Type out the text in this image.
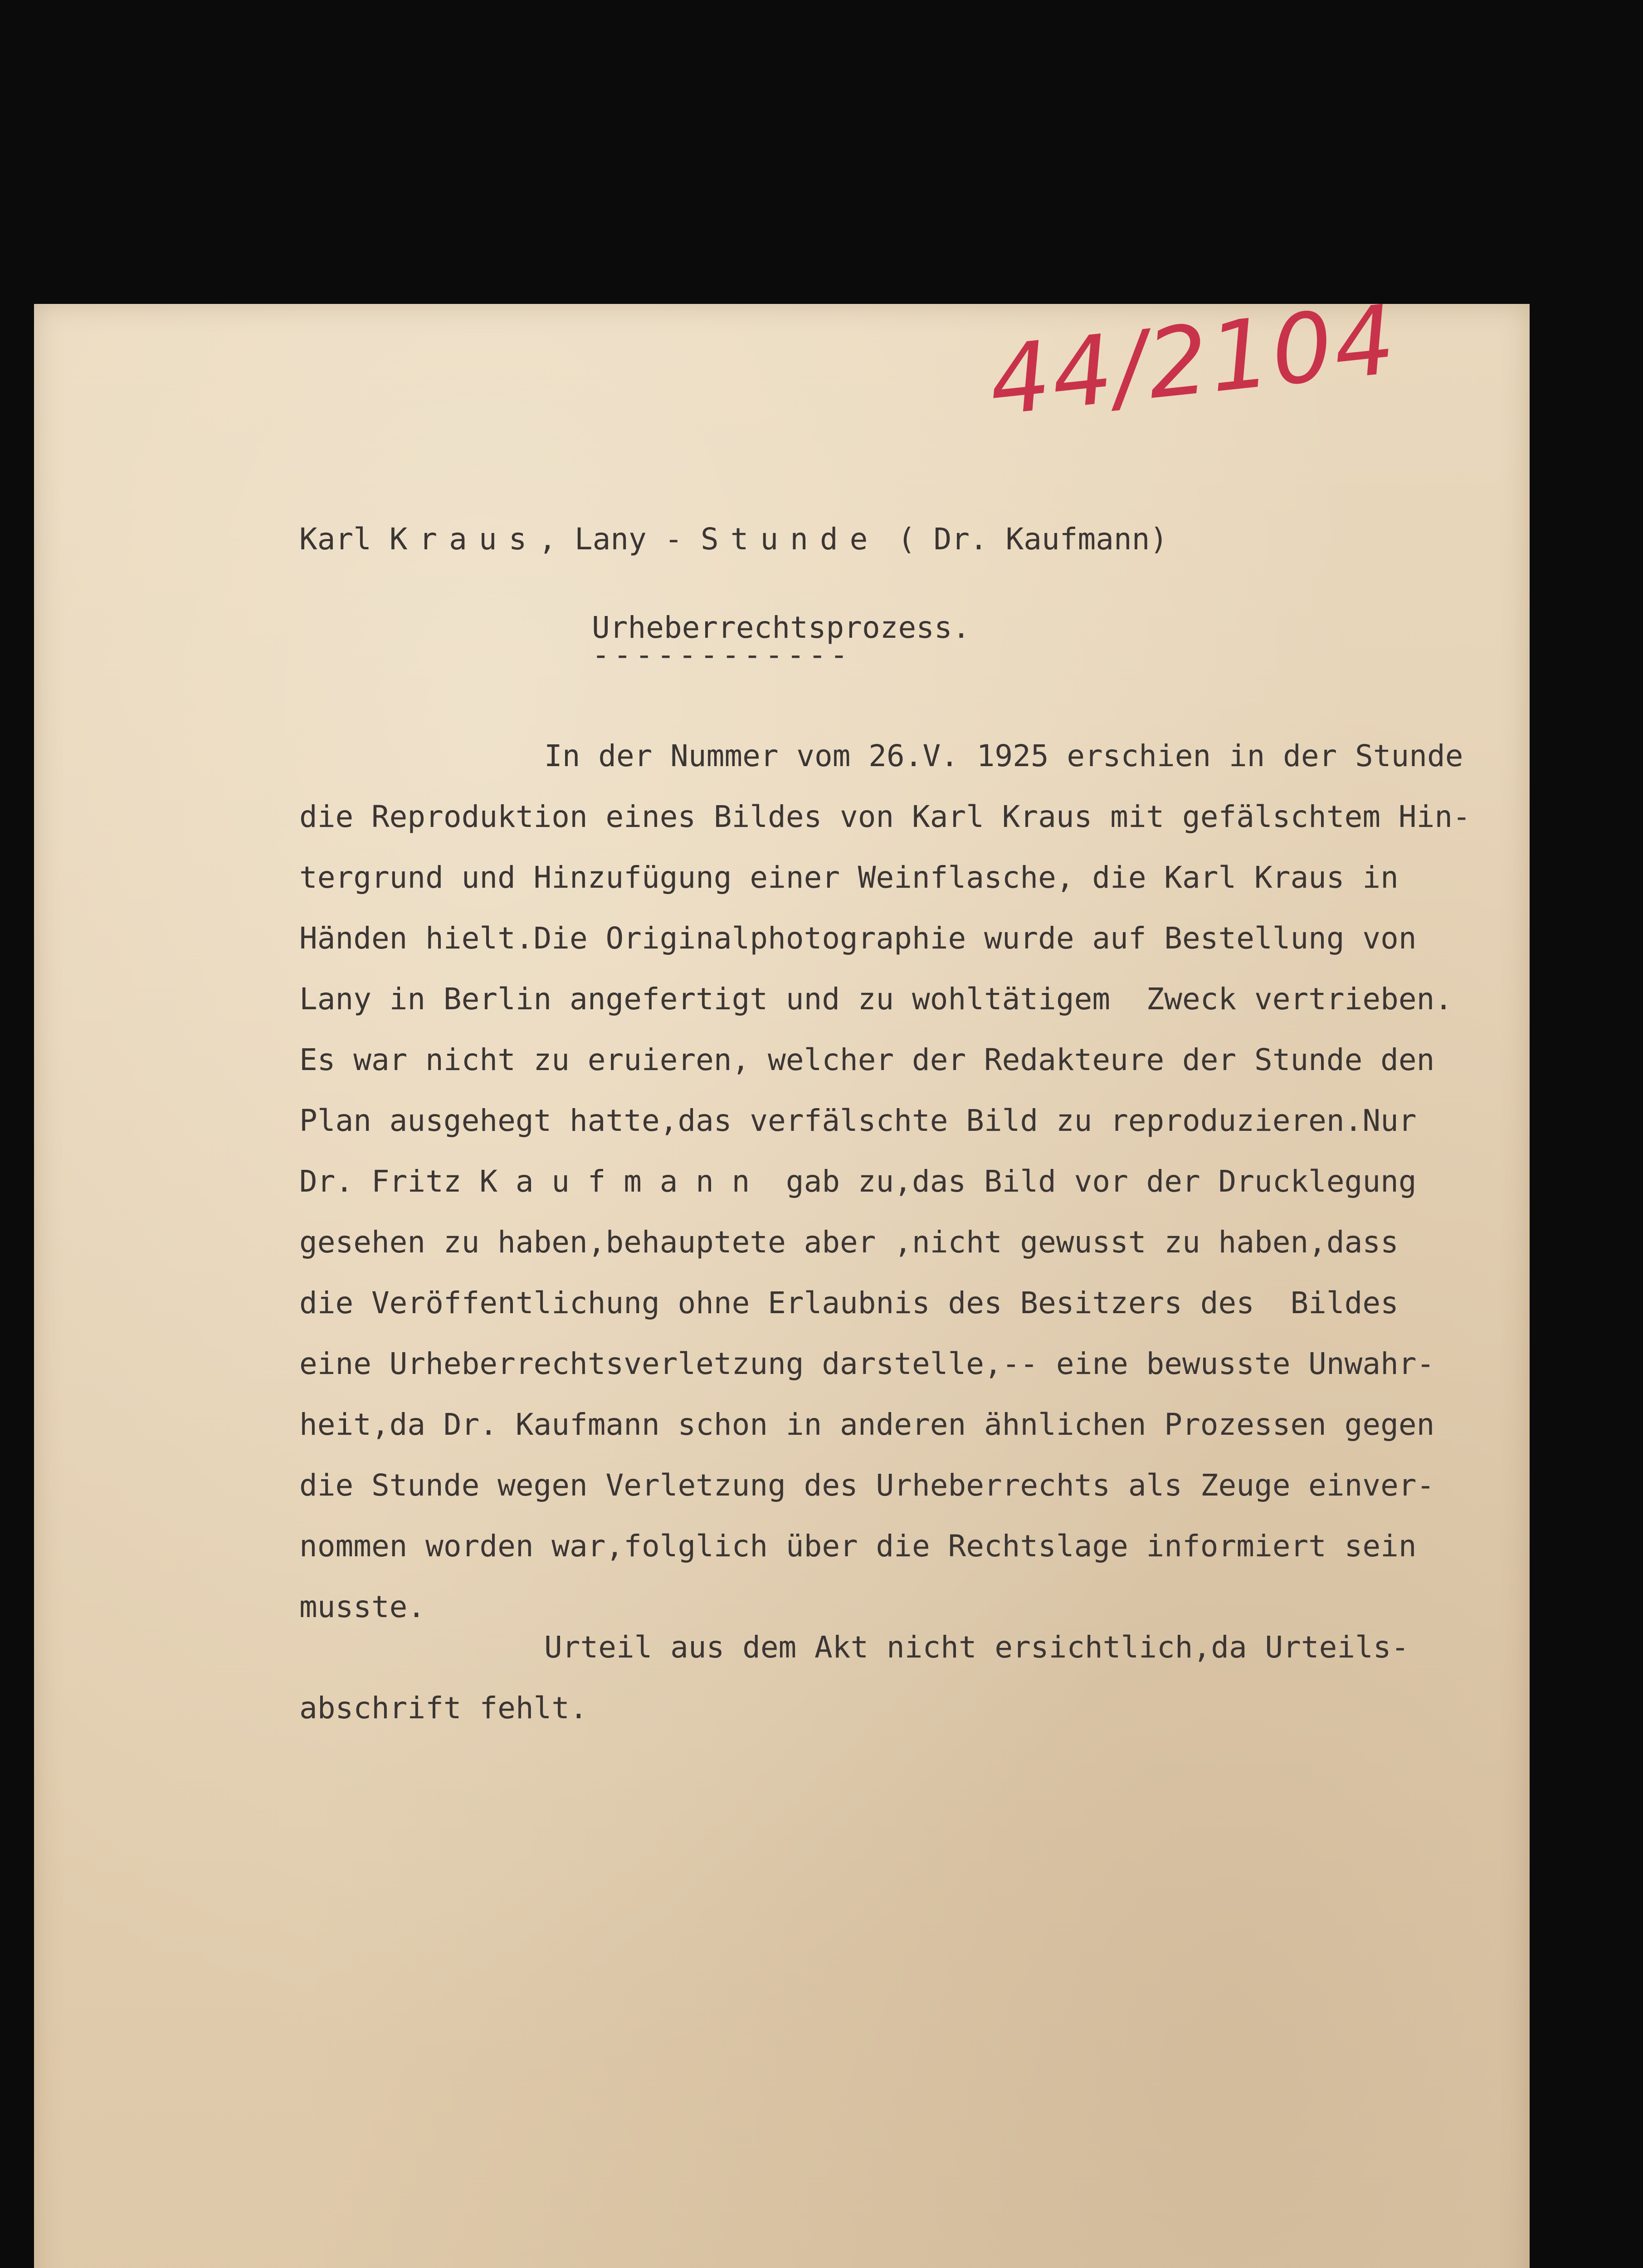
44/2104
Karl Kraus, Lany - Stunde ( Dr. Kaufmann)
Urheberrechtsprozess.
------------
In der Nummer vom 26.V. 1925 erschien in der Stunde
die Reproduktion eines Bildes von Karl Kraus mit gefälschtem Hin-
tergrund und Hinzufügung einer Weinflasche, die Karl Kraus in
Händen hielt.Die Originalphotographie wurde auf Bestellung von
Lany in Berlin angefertigt und zu wohltätigem  Zweck vertrieben.
Es war nicht zu eruieren, welcher der Redakteure der Stunde den
Plan ausgehegt hatte,das verfälschte Bild zu reproduzieren.Nur
Dr. Fritz K a u f m a n n  gab zu,das Bild vor der Drucklegung
gesehen zu haben,behauptete aber ,nicht gewusst zu haben,dass
die Veröffentlichung ohne Erlaubnis des Besitzers des  Bildes
eine Urheberrechtsverletzung darstelle,-- eine bewusste Unwahr-
heit,da Dr. Kaufmann schon in anderen ähnlichen Prozessen gegen
die Stunde wegen Verletzung des Urheberrechts als Zeuge einver-
nommen worden war,folglich über die Rechtslage informiert sein
musste.
Urteil aus dem Akt nicht ersichtlich,da Urteils-
abschrift fehlt.
